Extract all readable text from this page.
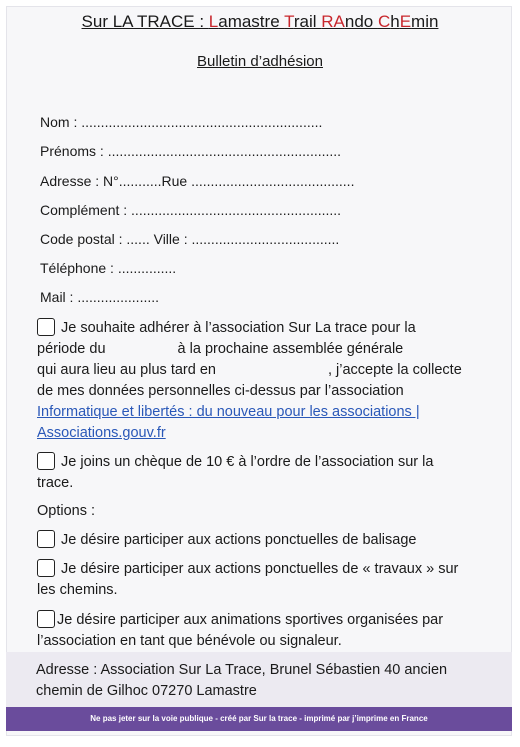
Sur LA TRACE : Lamastre Trail RAndo ChEmin
Bulletin d’adhésion
Nom : ..............................................................
Prénoms : ............................................................
Adresse : N°...........Rue ..........................................
Complément : ......................................................
Code postal : ...... Ville : ......................................
Téléphone : ...............
Mail : .....................
Je souhaite adhérer à l’association Sur La trace pour la
période du	à la prochaine assemblée générale
qui aura lieu au plus tard en	, j’accepte la collecte
de mes données personnelles ci-dessus par l’association
Informatique et libertés : du nouveau pour les associations |
Associations.gouv.fr
Je joins un chèque de 10 € à l’ordre de l’association sur la
trace.
Options :
Je désire participer aux actions ponctuelles de balisage
Je désire participer aux actions ponctuelles de « travaux » sur
les chemins.
Je désire participer aux animations sportives organisées par
l’association en tant que bénévole ou signaleur.
Adresse : Association Sur La Trace, Brunel Sébastien 40 ancien
chemin de Gilhoc 07270 Lamastre
Ne pas jeter sur la voie publique - créé par Sur la trace - imprimé par j’imprime en France
